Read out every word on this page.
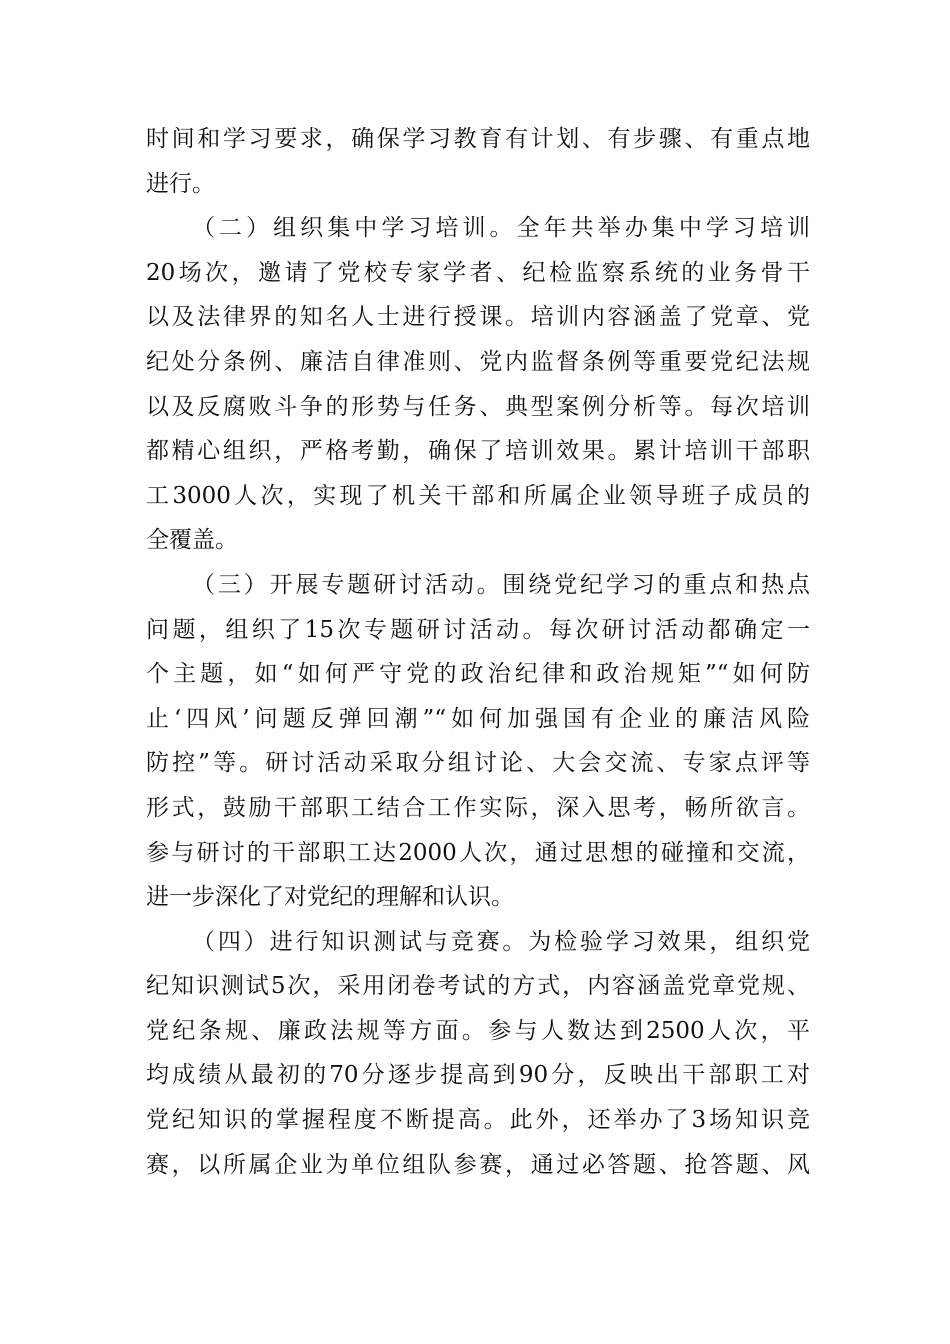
时间和学习要求，确保学习教育有计划、有步骤、有重点地
进行。
（二）组织集中学习培训。全年共举办集中学习培训
20场次，邀请了党校专家学者、纪检监察系统的业务骨干
以及法律界的知名人士进行授课。培训内容涵盖了党章、党
纪处分条例、廉洁自律准则、党内监督条例等重要党纪法规
以及反腐败斗争的形势与任务、典型案例分析等。每次培训
都精心组织，严格考勤，确保了培训效果。累计培训干部职
工3000人次，实现了机关干部和所属企业领导班子成员的
全覆盖。
（三）开展专题研讨活动。围绕党纪学习的重点和热点
问题，组织了15次专题研讨活动。每次研讨活动都确定一
个主题，如“如何严守党的政治纪律和政治规矩”“如何防
止‘四风’问题反弹回潮”“如何加强国有企业的廉洁风险
防控”等。研讨活动采取分组讨论、大会交流、专家点评等
形式，鼓励干部职工结合工作实际，深入思考，畅所欲言。
参与研讨的干部职工达2000人次，通过思想的碰撞和交流，
进一步深化了对党纪的理解和认识。
（四）进行知识测试与竞赛。为检验学习效果，组织党
纪知识测试5次，采用闭卷考试的方式，内容涵盖党章党规、
党纪条规、廉政法规等方面。参与人数达到2500人次，平
均成绩从最初的70分逐步提高到90分，反映出干部职工对
党纪知识的掌握程度不断提高。此外，还举办了3场知识竞
赛，以所属企业为单位组队参赛，通过必答题、抢答题、风
